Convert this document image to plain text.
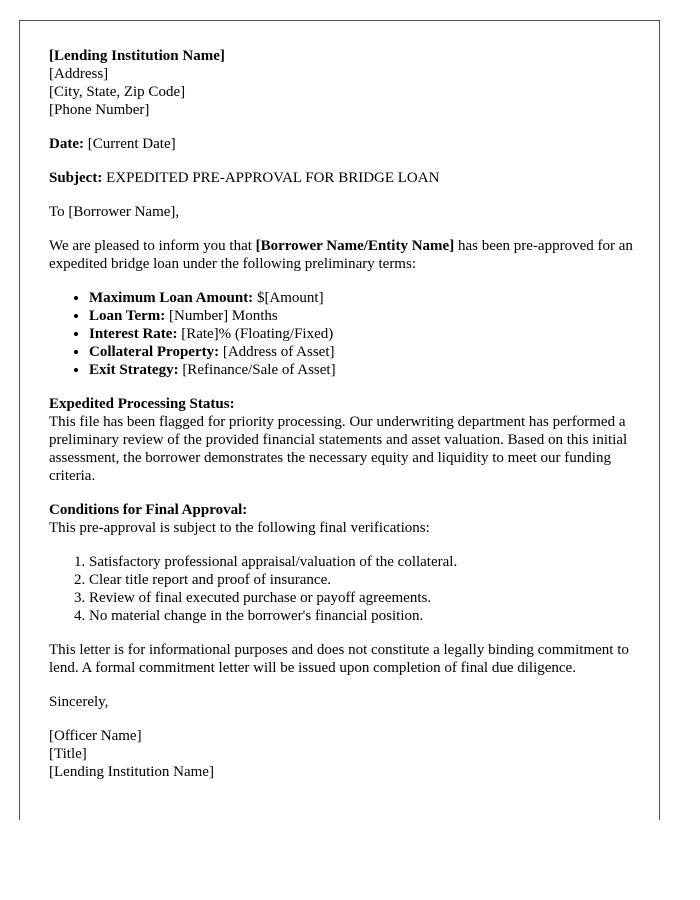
[Lending Institution Name]
[Address]
[City, State, Zip Code]
[Phone Number]

Date: [Current Date]

Subject: EXPEDITED PRE-APPROVAL FOR BRIDGE LOAN

To [Borrower Name],

We are pleased to inform you that [Borrower Name/Entity Name] has been pre-approved for an expedited bridge loan under the following preliminary terms:

• Maximum Loan Amount: $[Amount]
• Loan Term: [Number] Months
• Interest Rate: [Rate]% (Floating/Fixed)
• Collateral Property: [Address of Asset]
• Exit Strategy: [Refinance/Sale of Asset]
Expedited Processing Status:
This file has been flagged for priority processing. Our underwriting department has performed a preliminary review of the provided financial statements and asset valuation. Based on this initial assessment, the borrower demonstrates the necessary equity and liquidity to meet our funding criteria.
Conditions for Final Approval:
This pre-approval is subject to the following final verifications:
1. Satisfactory professional appraisal/valuation of the collateral.
2. Clear title report and proof of insurance.
3. Review of final executed purchase or payoff agreements.
4. No material change in the borrower's financial position.

This letter is for informational purposes and does not constitute a legally binding commitment to lend. A formal commitment letter will be issued upon completion of final due diligence.

Sincerely,

[Officer Name]
[Title]
[Lending Institution Name]
